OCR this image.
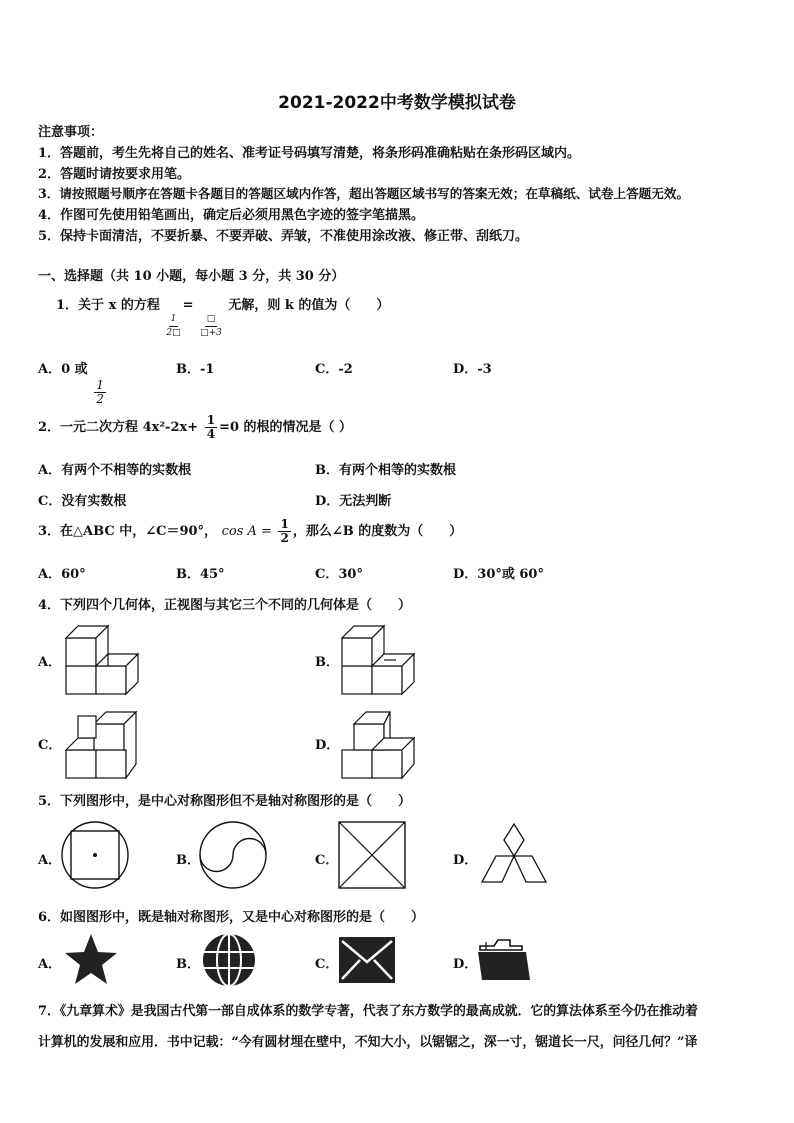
2021-2022中考数学模拟试卷
注意事项：
1．答题前，考生先将自己的姓名、准考证号码填写清楚，将条形码准确粘贴在条形码区域内。
2．答题时请按要求用笔。
3．请按照题号顺序在答题卡各题目的答题区域内作答，超出答题区域书写的答案无效；在草稿纸、试卷上答题无效。
4．作图可先使用铅笔画出，确定后必须用黑色字迹的签字笔描黑。
5．保持卡面清洁，不要折暴、不要弄破、弄皱，不准使用涂改液、修正带、刮纸刀。
一、选择题（共 10 小题，每小题 3 分，共 30 分）
1．关于 x 的方程
$\frac{1}{2□}$
=
$\frac{□}{□+3}$
无解，则 k 的值为（　　）
A．0 或
$\frac{1}{2}$
B．-1	C．-2	D．-3
2．一元二次方程 $4x^2-2x+ \frac{1}{4} =0$ 的根的情况是（ ）
A．有两个不相等的实数根	B．有两个相等的实数根
C．没有实数根	D．无法判断
3．在△ABC 中，∠C＝90°， $\cos A = \frac{1}{2}$ ，那么∠B 的度数为（　　）
A．60°	B．45°	C．30°	D．30°或 60°
4．下列四个几何体，正视图与其它三个不同的几何体是（　　）
A．	B．
C．	D．
5．下列图形中，是中心对称图形但不是轴对称图形的是（　　）
A．	B．	C．	D．
6．如图图形中，既是轴对称图形，又是中心对称图形的是（　　）
A．	B．	C．	D．
7．《九章算术》是我国古代第一部自成体系的数学专著，代表了东方数学的最高成就．它的算法体系至今仍在推动着
计算机的发展和应用．书中记载：“今有圆材埋在壁中，不知大小，以锯锯之，深一寸，锯道长一尺，问径几何？”译
